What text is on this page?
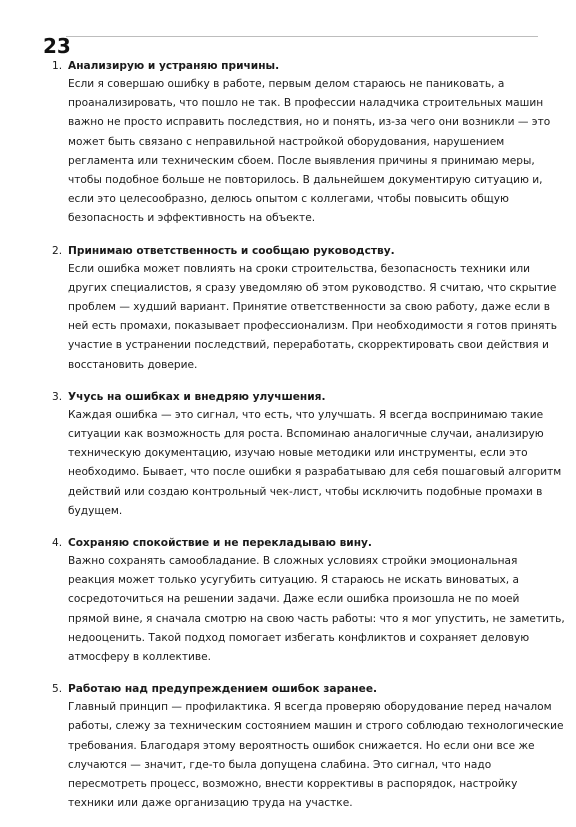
23
1. Анализирую и устраняю причины.
Если я совершаю ошибку в работе, первым делом стараюсь не паниковать, а
проанализировать, что пошло не так. В профессии наладчика строительных машин
важно не просто исправить последствия, но и понять, из-за чего они возникли — это
может быть связано с неправильной настройкой оборудования, нарушением
регламента или техническим сбоем. После выявления причины я принимаю меры,
чтобы подобное больше не повторилось. В дальнейшем документирую ситуацию и,
если это целесообразно, делюсь опытом с коллегами, чтобы повысить общую
безопасность и эффективность на объекте.
2. Принимаю ответственность и сообщаю руководству.
Если ошибка может повлиять на сроки строительства, безопасность техники или
других специалистов, я сразу уведомляю об этом руководство. Я считаю, что скрытие
проблем — худший вариант. Принятие ответственности за свою работу, даже если в
ней есть промахи, показывает профессионализм. При необходимости я готов принять
участие в устранении последствий, переработать, скорректировать свои действия и
восстановить доверие.
3. Учусь на ошибках и внедряю улучшения.
Каждая ошибка — это сигнал, что есть, что улучшать. Я всегда воспринимаю такие
ситуации как возможность для роста. Вспоминаю аналогичные случаи, анализирую
техническую документацию, изучаю новые методики или инструменты, если это
необходимо. Бывает, что после ошибки я разрабатываю для себя пошаговый алгоритм
действий или создаю контрольный чек-лист, чтобы исключить подобные промахи в
будущем.
4. Сохраняю спокойствие и не перекладываю вину.
Важно сохранять самообладание. В сложных условиях стройки эмоциональная
реакция может только усугубить ситуацию. Я стараюсь не искать виноватых, а
сосредоточиться на решении задачи. Даже если ошибка произошла не по моей
прямой вине, я сначала смотрю на свою часть работы: что я мог упустить, не заметить,
недооценить. Такой подход помогает избегать конфликтов и сохраняет деловую
атмосферу в коллективе.
5. Работаю над предупреждением ошибок заранее.
Главный принцип — профилактика. Я всегда проверяю оборудование перед началом
работы, слежу за техническим состоянием машин и строго соблюдаю технологические
требования. Благодаря этому вероятность ошибок снижается. Но если они все же
случаются — значит, где-то была допущена слабина. Это сигнал, что надо
пересмотреть процесс, возможно, внести коррективы в распорядок, настройку
техники или даже организацию труда на участке.
